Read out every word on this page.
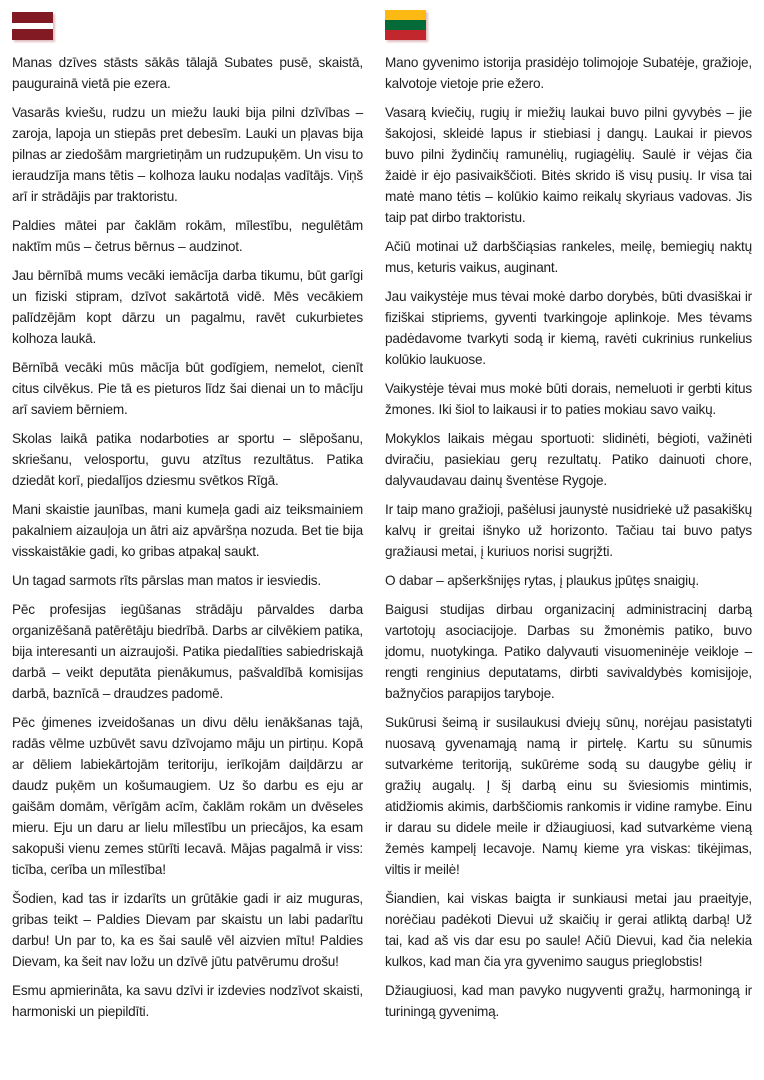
Manas dzīves stāsts sākās tālajā Subates pusē, skaistā, paugurainā vietā pie ezera.

Vasarās kviešu, rudzu un miežu lauki bija pilni dzīvības – zaroja, lapoja un stiepās pret debesīm. Lauki un pļavas bija pilnas ar ziedošām margrietiņām un rudzupuķēm. Un visu to ieraudzīja mans tētis – kolhoza lauku nodaļas vadītājs. Viņš arī ir strādājis par traktoristu.

Paldies mātei par čaklām rokām, mīlestību, negulētām naktīm mūs – četrus bērnus – audzinot.

Jau bērnībā mums vecāki iemācīja darba tikumu, būt garīgi un fiziski stipram, dzīvot sakārtotā vidē. Mēs vecākiem palīdzējām kopt dārzu un pagalmu, ravēt cukurbietes kolhoza laukā.

Bērnībā vecāki mūs mācīja būt godīgiem, nemelot, cienīt citus cilvēkus. Pie tā es pieturos līdz šai dienai un to mācīju arī saviem bērniem.

Skolas laikā patika nodarboties ar sportu – slēpošanu, skriešanu, velosportu, guvu atzītus rezultātus. Patika dziedāt korī, piedalījos dziesmu svētkos Rīgā.

Mani skaistie jaunības, mani kumeļa gadi aiz teiksmainiem pakalniem aizauļoja un ātri aiz apvāršņa nozuda. Bet tie bija visskaistākie gadi, ko gribas atpakaļ saukt.

Un tagad sarmots rīts pārslas man matos ir iesviedis.

Pēc profesijas iegūšanas strādāju pārvaldes darba organizēšanā patērētāju biedrībā. Darbs ar cilvēkiem patika, bija interesanti un aizraujoši. Patika piedalīties sabiedriskajā darbā – veikt deputāta pienākumus, pašvaldībā komisijas darbā, baznīcā – draudzes padomē.

Pēc ģimenes izveidošanas un divu dēlu ienākšanas tajā, radās vēlme uzbūvēt savu dzīvojamo māju un pirtiņu. Kopā ar dēliem labiekārtojām teritoriju, ierīkojām daiļdārzu ar daudz puķēm un košumaugiem. Uz šo darbu es eju ar gaišām domām, vērīgām acīm, čaklām rokām un dvēseles mieru. Eju un daru ar lielu mīlestību un priecājos, ka esam sakopuši vienu zemes stūrīti Iecavā. Mājas pagalmā ir viss: ticība, cerība un mīlestība!

Šodien, kad tas ir izdarīts un grūtākie gadi ir aiz muguras, gribas teikt – Paldies Dievam par skaistu un labi padarītu darbu! Un par to, ka es šai saulē vēl aizvien mītu! Paldies Dievam, ka šeit nav ložu un dzīvē jūtu patvērumu drošu!

Esmu apmierināta, ka savu dzīvi ir izdevies nodzīvot skaisti, harmoniski un piepildīti.

Mano gyvenimo istorija prasidėjo tolimojoje Subatėje, gražioje, kalvotoje vietoje prie ežero.

Vasarą kviečių, rugių ir miežių laukai buvo pilni gyvybės – jie šakojosi, skleidė lapus ir stiebiasi į dangų. Laukai ir pievos buvo pilni žydinčių ramunėlių, rugiagėlių. Saulė ir vėjas čia žaidė ir ėjo pasivaikščioti. Bitės skrido iš visų pusių. Ir visa tai matė mano tėtis – kolūkio kaimo reikalų skyriaus vadovas. Jis taip pat dirbo traktoristu.

Ačiū motinai už darbščiąsias rankeles, meilę, bemiegių naktų mus, keturis vaikus, auginant.

Jau vaikystėje mus tėvai mokė darbo dorybės, būti dvasiškai ir fiziškai stipriems, gyventi tvarkingoje aplinkoje. Mes tėvams padėdavome tvarkyti sodą ir kiemą, ravėti cukrinius runkelius kolūkio laukuose.

Vaikystėje tėvai mus mokė būti dorais, nemeluoti ir gerbti kitus žmones. Iki šiol to laikausi ir to paties mokiau savo vaikų.

Mokyklos laikais mėgau sportuoti: slidinėti, bėgioti, važinėti dviračiu, pasiekiau gerų rezultatų. Patiko dainuoti chore, dalyvaudavau dainų šventėse Rygoje.

Ir taip mano gražioji, pašėlusi jaunystė nusidriekė už pasakiškų kalvų ir greitai išnyko už horizonto. Tačiau tai buvo patys gražiausi metai, į kuriuos norisi sugrįžti.

O dabar – apšerkšnijęs rytas, į plaukus įpūtęs snaigių.

Baigusi studijas dirbau organizacinį administracinį darbą vartotojų asociacijoje. Darbas su žmonėmis patiko, buvo įdomu, nuotykinga. Patiko dalyvauti visuomeninėje veikloje – rengti renginius deputatams, dirbti savivaldybės komisijoje, bažnyčios parapijos taryboje.

Sukūrusi šeimą ir susilaukusi dviejų sūnų, norėjau pasistatyti nuosavą gyvenamąją namą ir pirtelę. Kartu su sūnumis sutvarkėme teritoriją, sukūrėme sodą su daugybe gėlių ir gražių augalų. Į šį darbą einu su šviesiomis mintimis, atidžiomis akimis, darbščiomis rankomis ir vidine ramybe. Einu ir darau su didele meile ir džiaugiuosi, kad sutvarkėme vieną žemės kampelį Iecavoje. Namų kieme yra viskas: tikėjimas, viltis ir meilė!

Šiandien, kai viskas baigta ir sunkiausi metai jau praeityje, norėčiau padėkoti Dievui už skaičių ir gerai atliktą darbą! Už tai, kad aš vis dar esu po saule! Ačiū Dievui, kad čia nelekia kulkos, kad man čia yra gyvenimo saugus prieglobstis!

Džiaugiuosi, kad man pavyko nugyventi gražų, harmoningą ir turiningą gyvenimą.
